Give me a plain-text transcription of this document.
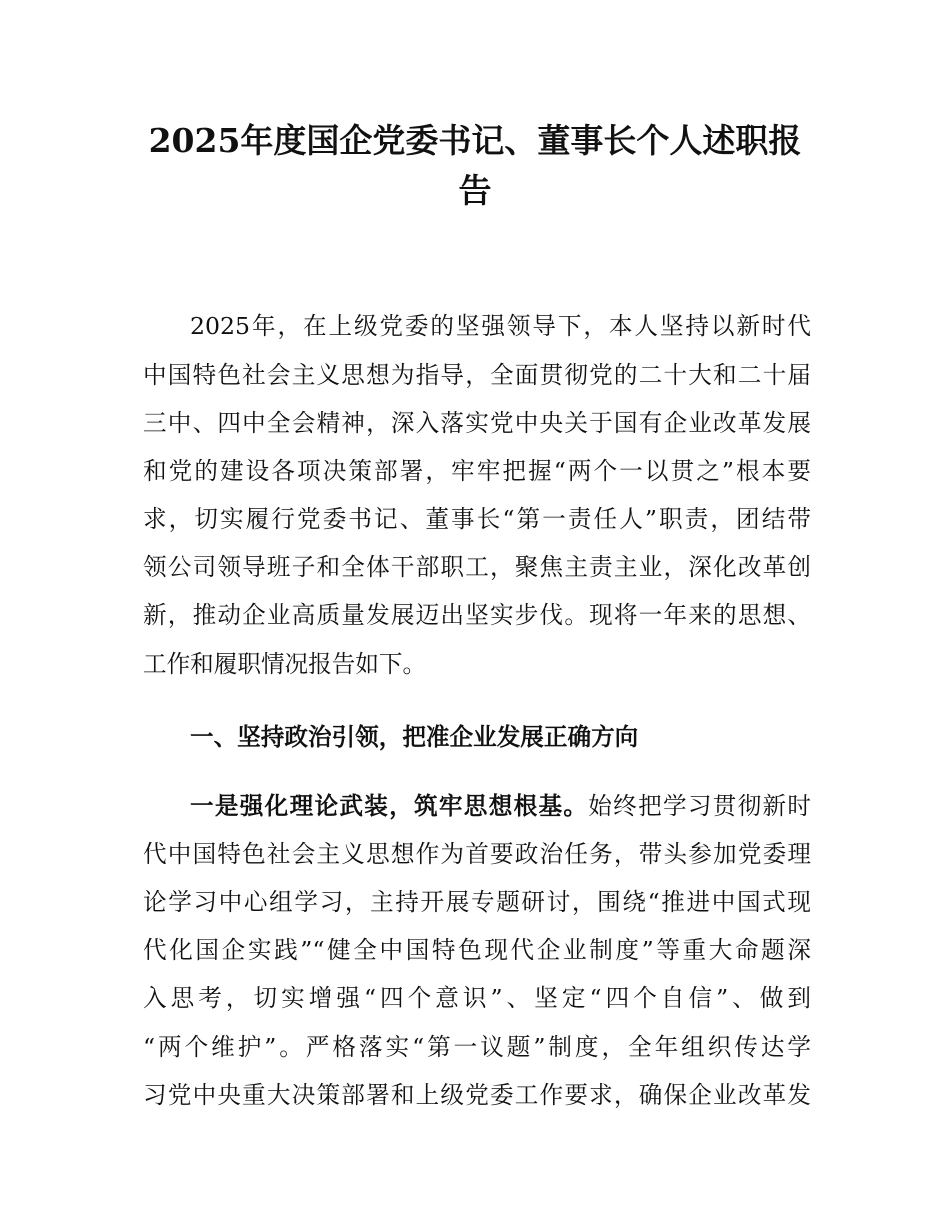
2025年度国企党委书记、董事长个人述职报
告
2025年，在上级党委的坚强领导下，本人坚持以新时代
中国特色社会主义思想为指导，全面贯彻党的二十大和二十届
三中、四中全会精神，深入落实党中央关于国有企业改革发展
和党的建设各项决策部署，牢牢把握“两个一以贯之”根本要
求，切实履行党委书记、董事长“第一责任人”职责，团结带
领公司领导班子和全体干部职工，聚焦主责主业，深化改革创
新，推动企业高质量发展迈出坚实步伐。现将一年来的思想、
工作和履职情况报告如下。
一、坚持政治引领，把准企业发展正确方向
一是强化理论武装，筑牢思想根基。始终把学习贯彻新时
代中国特色社会主义思想作为首要政治任务，带头参加党委理
论学习中心组学习，主持开展专题研讨，围绕“推进中国式现
代化国企实践”“健全中国特色现代企业制度”等重大命题深
入思考，切实增强“四个意识”、坚定“四个自信”、做到
“两个维护”。严格落实“第一议题”制度，全年组织传达学
习党中央重大决策部署和上级党委工作要求，确保企业改革发
